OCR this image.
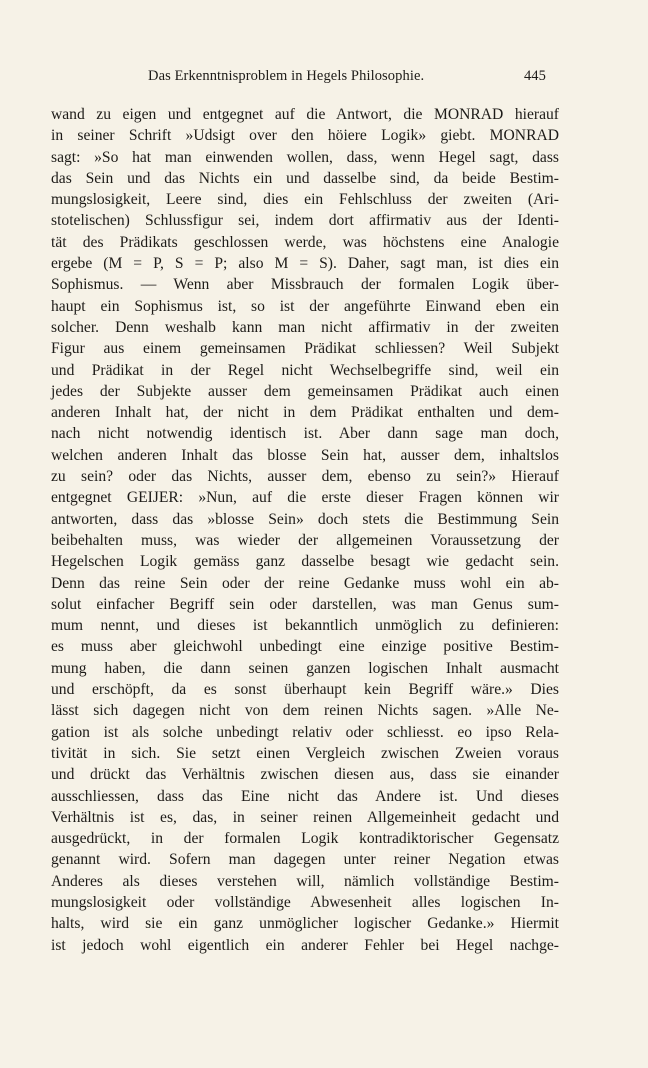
Das Erkenntnisproblem in Hegels Philosophie.	445
wand zu eigen und entgegnet auf die Antwort, die MONRAD hierauf
in seiner Schrift »Udsigt over den höiere Logik» giebt. MONRAD
sagt: »So hat man einwenden wollen, dass, wenn Hegel sagt, dass
das Sein und das Nichts ein und dasselbe sind, da beide Bestim-
mungslosigkeit, Leere sind, dies ein Fehlschluss der zweiten (Ari-
stotelischen) Schlussfigur sei, indem dort affirmativ aus der Identi-
tät des Prädikats geschlossen werde, was höchstens eine Analogie
ergebe (M = P, S = P; also M = S). Daher, sagt man, ist dies ein
Sophismus. — Wenn aber Missbrauch der formalen Logik über-
haupt ein Sophismus ist, so ist der angeführte Einwand eben ein
solcher. Denn weshalb kann man nicht affirmativ in der zweiten
Figur aus einem gemeinsamen Prädikat schliessen? Weil Subjekt
und Prädikat in der Regel nicht Wechselbegriffe sind, weil ein
jedes der Subjekte ausser dem gemeinsamen Prädikat auch einen
anderen Inhalt hat, der nicht in dem Prädikat enthalten und dem-
nach nicht notwendig identisch ist. Aber dann sage man doch,
welchen anderen Inhalt das blosse Sein hat, ausser dem, inhaltslos
zu sein? oder das Nichts, ausser dem, ebenso zu sein?» Hierauf
entgegnet GEIJER: »Nun, auf die erste dieser Fragen können wir
antworten, dass das »blosse Sein» doch stets die Bestimmung Sein
beibehalten muss, was wieder der allgemeinen Voraussetzung der
Hegelschen Logik gemäss ganz dasselbe besagt wie gedacht sein.
Denn das reine Sein oder der reine Gedanke muss wohl ein ab-
solut einfacher Begriff sein oder darstellen, was man Genus sum-
mum nennt, und dieses ist bekanntlich unmöglich zu definieren:
es muss aber gleichwohl unbedingt eine einzige positive Bestim-
mung haben, die dann seinen ganzen logischen Inhalt ausmacht
und erschöpft, da es sonst überhaupt kein Begriff wäre.» Dies
lässt sich dagegen nicht von dem reinen Nichts sagen. »Alle Ne-
gation ist als solche unbedingt relativ oder schliesst. eo ipso Rela-
tivität in sich. Sie setzt einen Vergleich zwischen Zweien voraus
und drückt das Verhältnis zwischen diesen aus, dass sie einander
ausschliessen, dass das Eine nicht das Andere ist. Und dieses
Verhältnis ist es, das, in seiner reinen Allgemeinheit gedacht und
ausgedrückt, in der formalen Logik kontradiktorischer Gegensatz
genannt wird. Sofern man dagegen unter reiner Negation etwas
Anderes als dieses verstehen will, nämlich vollständige Bestim-
mungslosigkeit oder vollständige Abwesenheit alles logischen In-
halts, wird sie ein ganz unmöglicher logischer Gedanke.» Hiermit
ist jedoch wohl eigentlich ein anderer Fehler bei Hegel nachge-
